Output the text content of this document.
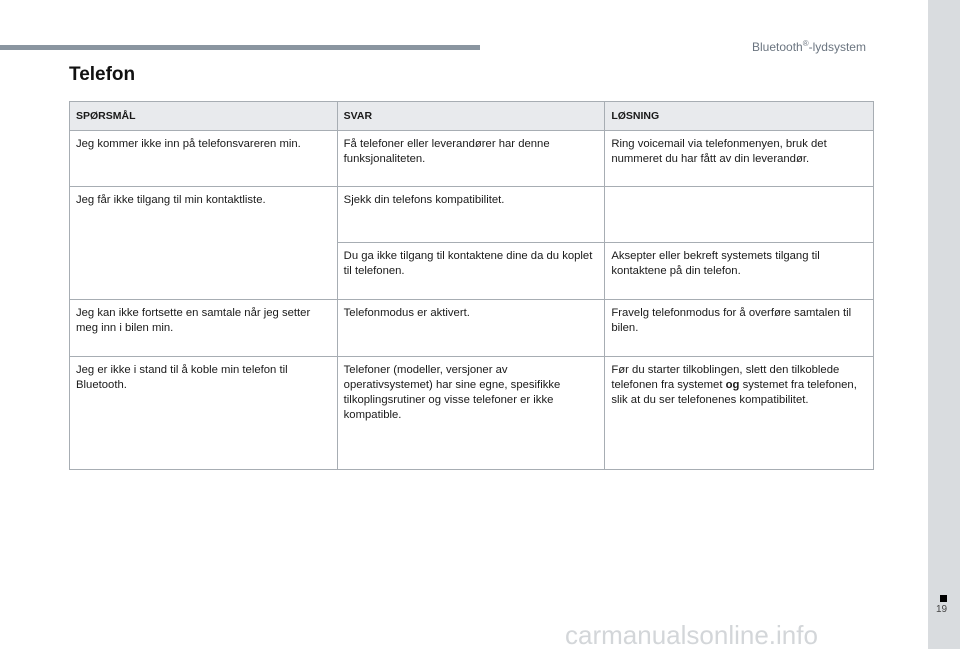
Bluetooth®-lydsystem
Telefon
SPØRSMÅL	SVAR	LØSNING
Jeg kommer ikke inn på telefonsvareren min.	Få telefoner eller leverandører har denne funksjonaliteten.	Ring voicemail via telefonmenyen, bruk det nummeret du har fått av din leverandør.
Jeg får ikke tilgang til min kontaktliste.	Sjekk din telefons kompatibilitet.	
	Du ga ikke tilgang til kontaktene dine da du koplet til telefonen.	Aksepter eller bekreft systemets tilgang til kontaktene på din telefon.
Jeg kan ikke fortsette en samtale når jeg setter meg inn i bilen min.	Telefonmodus er aktivert.	Fravelg telefonmodus for å overføre samtalen til bilen.
Jeg er ikke i stand til å koble min telefon til Bluetooth.	Telefoner (modeller, versjoner av operativsystemet) har sine egne, spesifikke tilkoplingsrutiner og visse telefoner er ikke kompatible.	Før du starter tilkoblingen, slett den tilkoblede telefonen fra systemet og systemet fra telefonen, slik at du ser telefonenes kompatibilitet.
19
carmanualsonline.info
